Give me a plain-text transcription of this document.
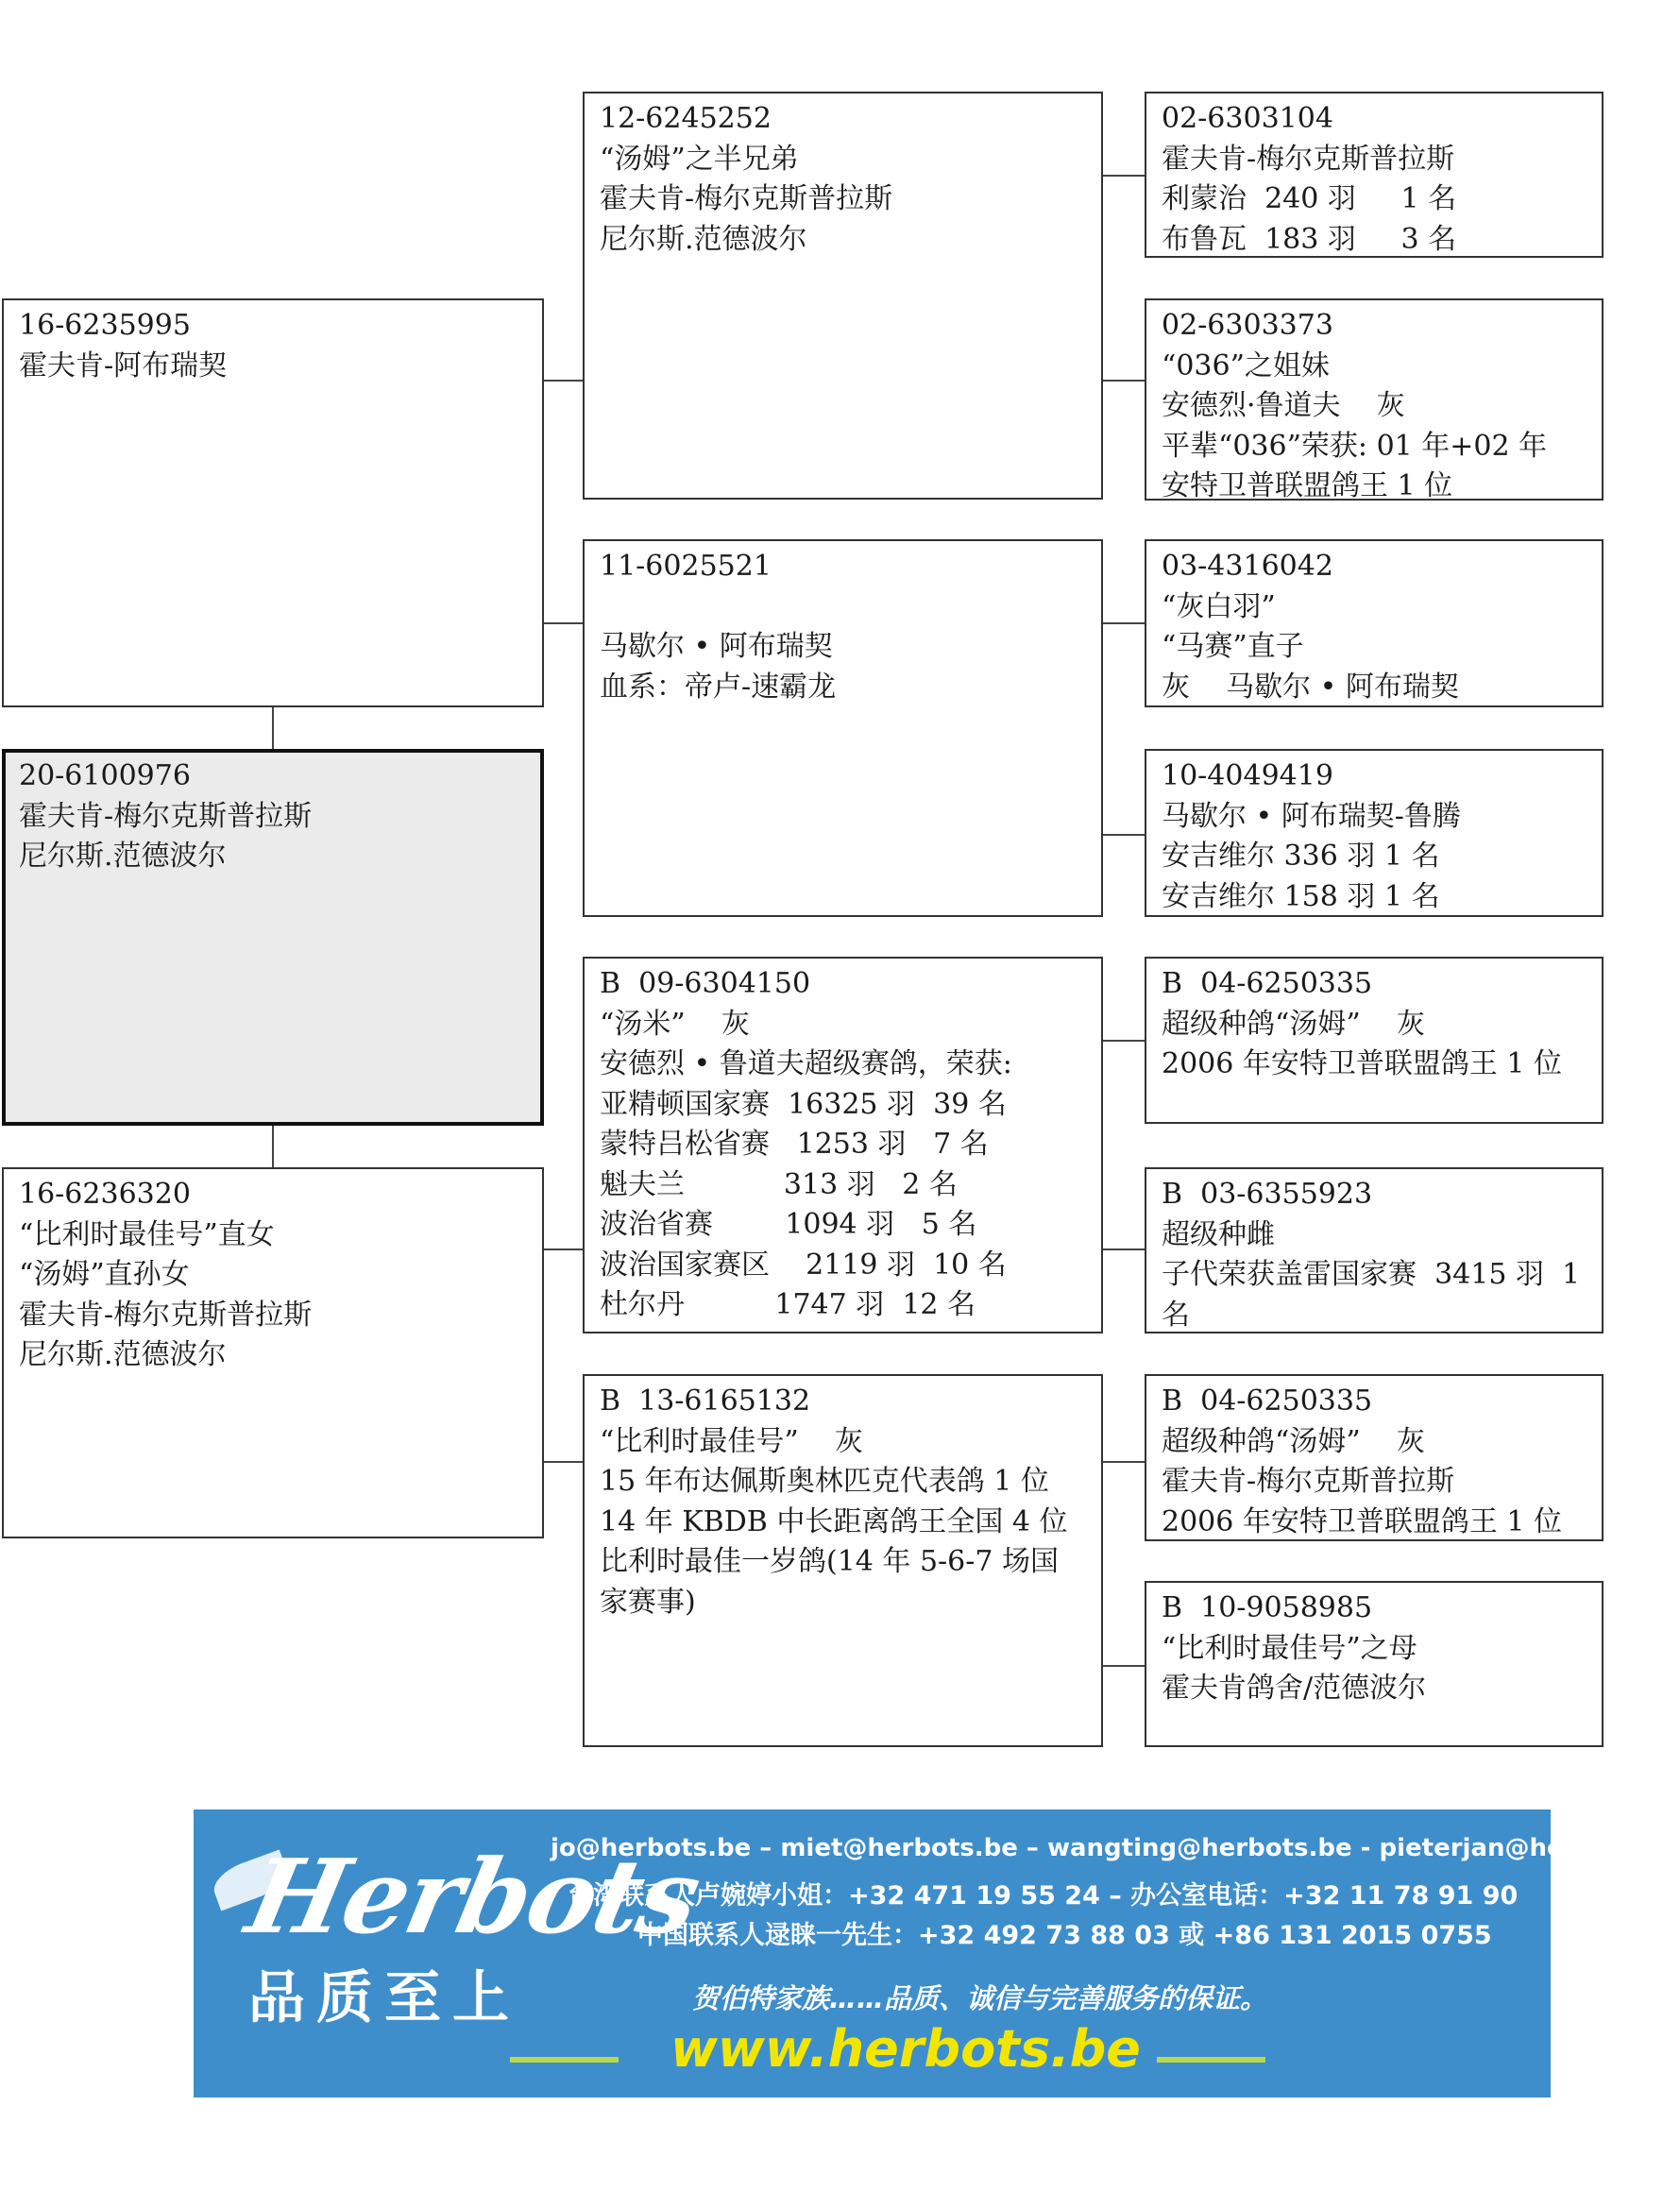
20-6100976
霍夫肯-梅尔克斯普拉斯
尼尔斯.范德波尔
16-6235995
霍夫肯-阿布瑞契
16-6236320
“比利时最佳号”直女
“汤姆”直孙女
霍夫肯-梅尔克斯普拉斯
尼尔斯.范德波尔
12-6245252
“汤姆”之半兄弟
霍夫肯-梅尔克斯普拉斯
尼尔斯.范德波尔
11-6025521
马歇尔 • 阿布瑞契
血系：帝卢-速霸龙
B  09-6304150
“汤米”    灰
安德烈 • 鲁道夫超级赛鸽，荣获:
亚精顿国家赛  16325 羽  39 名
蒙特吕松省赛   1253 羽   7 名
魁夫兰           313 羽   2 名
波治省赛        1094 羽   5 名
波治国家赛区    2119 羽  10 名
杜尔丹          1747 羽  12 名
B  13-6165132
“比利时最佳号”    灰
15 年布达佩斯奥林匹克代表鸽 1 位
14 年 KBDB 中长距离鸽王全国 4 位
比利时最佳一岁鸽(14 年 5-6-7 场国家赛事)
02-6303104
霍夫肯-梅尔克斯普拉斯
利蒙治  240 羽     1 名
布鲁瓦  183 羽     3 名
02-6303373
“036”之姐妹
安德烈·鲁道夫    灰
平辈“036”荣获: 01 年+02 年
安特卫普联盟鸽王 1 位
03-4316042
“灰白羽”
“马赛”直子
灰    马歇尔 • 阿布瑞契
10-4049419
马歇尔 • 阿布瑞契-鲁腾
安吉维尔 336 羽 1 名
安吉维尔 158 羽 1 名
B  04-6250335
超级种鸽“汤姆”    灰
2006 年安特卫普联盟鸽王 1 位
B  03-6355923
超级种雌
子代荣获盖雷国家赛  3415 羽  1 名
B  04-6250335
超级种鸽“汤姆”    灰
霍夫肯-梅尔克斯普拉斯
2006 年安特卫普联盟鸽王 1 位
B  10-9058985
“比利时最佳号”之母
霍夫肯鸽舍/范德波尔
Herbots
品质至上
jo@herbots.be – miet@herbots.be – wangting@herbots.be - pieterjan@herbots.be
台湾联系人卢婉婷小姐：+32 471 19 55 24 – 办公室电话：+32 11 78 91 90
中国联系人逯睐一先生：+32 492 73 88 03 或 +86 131 2015 0755
贺伯特家族……品质、诚信与完善服务的保证。
www.herbots.be
